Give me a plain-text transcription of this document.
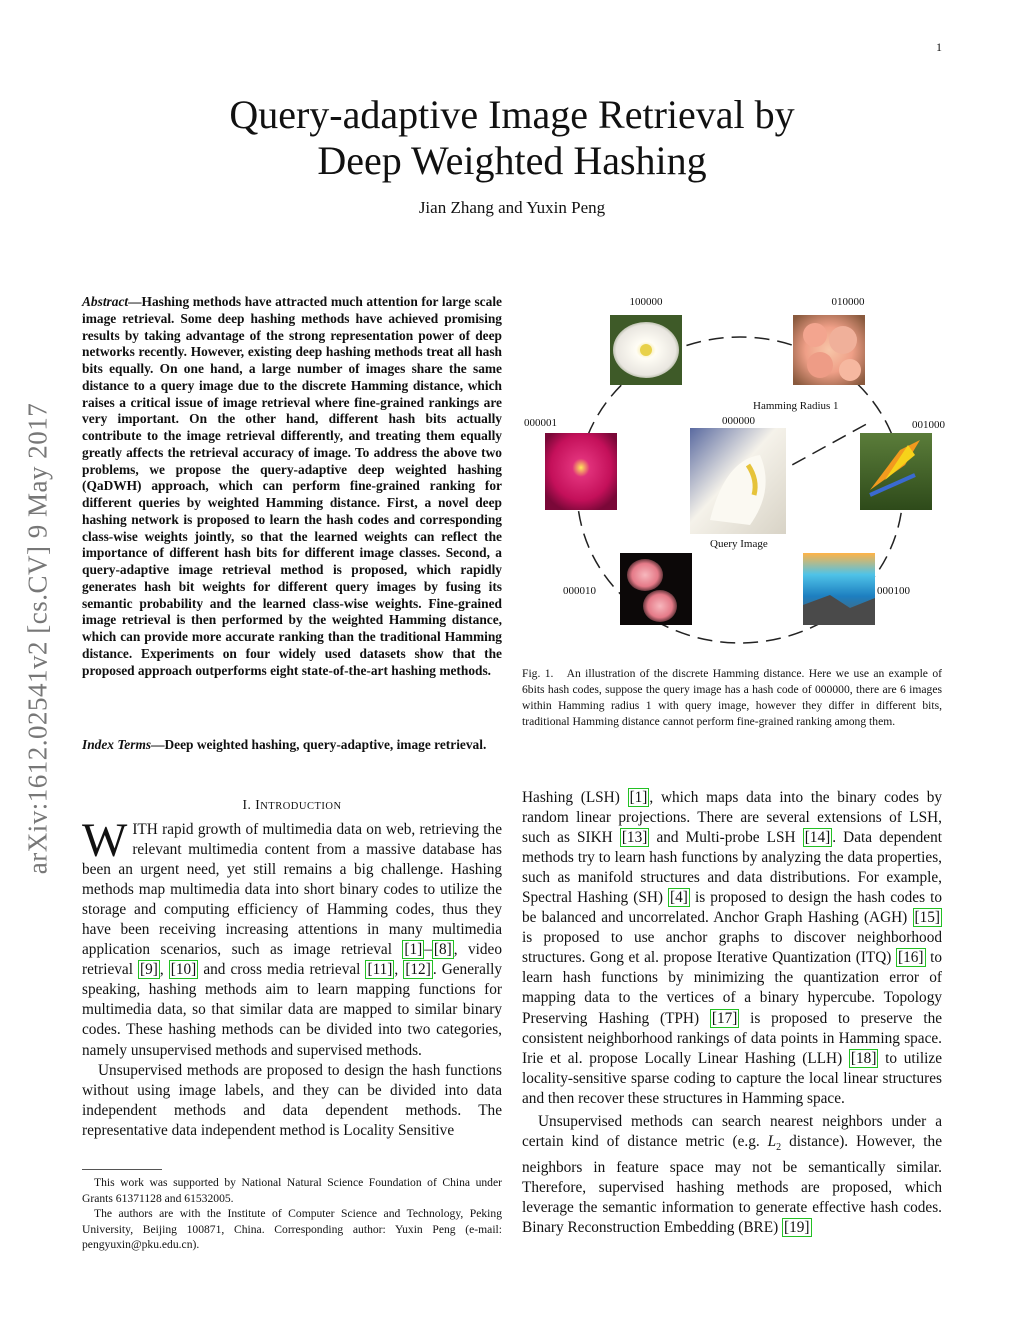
1
Query-adaptive Image Retrieval by
Deep Weighted Hashing
Jian Zhang and Yuxin Peng
arXiv:1612.02541v2 [cs.CV] 9 May 2017
Abstract—Hashing methods have attracted much attention for large scale image retrieval. Some deep hashing methods have achieved promising results by taking advantage of the strong representation power of deep networks recently. However, existing deep hashing methods treat all hash bits equally. On one hand, a large number of images share the same distance to a query image due to the discrete Hamming distance, which raises a critical issue of image retrieval where fine-grained rankings are very important. On the other hand, different hash bits actually contribute to the image retrieval differently, and treating them equally greatly affects the retrieval accuracy of image. To address the above two problems, we propose the query-adaptive deep weighted hashing (QaDWH) approach, which can perform fine-grained ranking for different queries by weighted Hamming distance. First, a novel deep hashing network is proposed to learn the hash codes and corresponding class-wise weights jointly, so that the learned weights can reflect the importance of different hash bits for different image classes. Second, a query-adaptive image retrieval method is proposed, which rapidly generates hash bit weights for different query images by fusing its semantic probability and the learned class-wise weights. Fine-grained image retrieval is then performed by the weighted Hamming distance, which can provide more accurate ranking than the traditional Hamming distance. Experiments on four widely used datasets show that the proposed approach outperforms eight state-of-the-art hashing methods.
Index Terms—Deep weighted hashing, query-adaptive, image retrieval.
I. INTRODUCTION

WITH rapid growth of multimedia data on web, retrieving the relevant multimedia content from a massive database has been an urgent need, yet still remains a big challenge. Hashing methods map multimedia data into short binary codes to utilize the storage and computing efficiency of Hamming codes, thus they have been receiving increasing attentions in many multimedia application scenarios, such as image retrieval [1] – [8] , video retrieval [9] , [10] and cross media retrieval [11] , [12] . Generally speaking, hashing methods aim to learn mapping functions for multimedia data, so that similar data are mapped to similar binary codes. These hashing methods can be divided into two categories, namely unsupervised methods and supervised methods.

Unsupervised methods are proposed to design the hash functions without using image labels, and they can be divided into data independent methods and data dependent methods. The representative data independent method is Locality Sensitive

This work was supported by National Natural Science Foundation of China under Grants 61371128 and 61532005.

The authors are with the Institute of Computer Science and Technology, Peking University, Beijing 100871, China. Corresponding author: Yuxin Peng (e-mail: pengyuxin@pku.edu.cn).

100000	010000
000001	001000
000000
Hamming Radius 1
Query Image
000010	000100
Fig. 1. An illustration of the discrete Hamming distance. Here we use an example of 6bits hash codes, suppose the query image has a hash code of 000000, there are 6 images within Hamming radius 1 with query image, however they differ in different bits, traditional Hamming distance cannot perform fine-grained ranking among them.

Hashing (LSH) [1] , which maps data into the binary codes by random linear projections. There are several extensions of LSH, such as SIKH [13] and Multi-probe LSH [14] . Data dependent methods try to learn hash functions by analyzing the data properties, such as manifold structures and data distributions. For example, Spectral Hashing (SH) [4] is proposed to design the hash codes to be balanced and uncorrelated. Anchor Graph Hashing (AGH) [15] is proposed to use anchor graphs to discover neighborhood structures. Gong et al. propose Iterative Quantization (ITQ) [16] to learn hash functions by minimizing the quantization error of mapping data to the vertices of a binary hypercube. Topology Preserving Hashing (TPH) [17] is proposed to preserve the consistent neighborhood rankings of data points in Hamming space. Irie et al. propose Locally Linear Hashing (LLH) [18] to utilize locality-sensitive sparse coding to capture the local linear structures and then recover these structures in Hamming space.

Unsupervised methods can search nearest neighbors under a certain kind of distance metric (e.g. $L_2$ distance). However, the neighbors in feature space may not be semantically similar. Therefore, supervised hashing methods are proposed, which leverage the semantic information to generate effective hash codes. Binary Reconstruction Embedding (BRE) [19]
